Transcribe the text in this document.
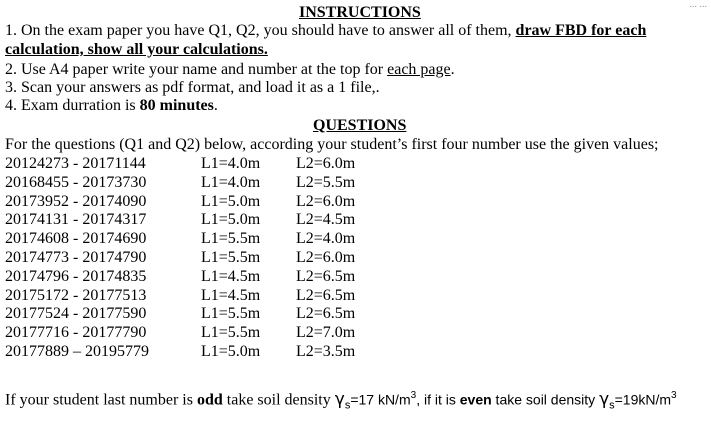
... ...
INSTRUCTIONS
1. On the exam paper you have Q1, Q2, you should have to answer all of them, draw FBD for each
calculation, show all your calculations.
2. Use A4 paper write your name and number at the top for each page.
3. Scan your answers as pdf format, and load it as a 1 file,.
4. Exam durration is 80 minutes.
QUESTIONS
For the questions (Q1 and Q2) below, according your student’s first four number use the given values;
20124273 - 20171144	L1=4.0m L2=6.0m
20168455 - 20173730	L1=4.0m L2=5.5m
20173952 - 20174090	L1=5.0m L2=6.0m
20174131 - 20174317	L1=5.0m L2=4.5m
20174608 - 20174690	L1=5.5m L2=4.0m
20174773 - 20174790	L1=5.5m L2=6.0m
20174796 - 20174835	L1=4.5m L2=6.5m
20175172 - 20177513	L1=4.5m L2=6.5m
20177524 - 20177590	L1=5.5m L2=6.5m
20177716 - 20177790	L1=5.5m L2=7.0m
20177889 – 20195779	L1=5.0m L2=3.5m
If your student last number is odd take soil density $\gamma_s=17$ $kN/m^3$, if it is even take soil density $\gamma_s=19kN/m^3$
